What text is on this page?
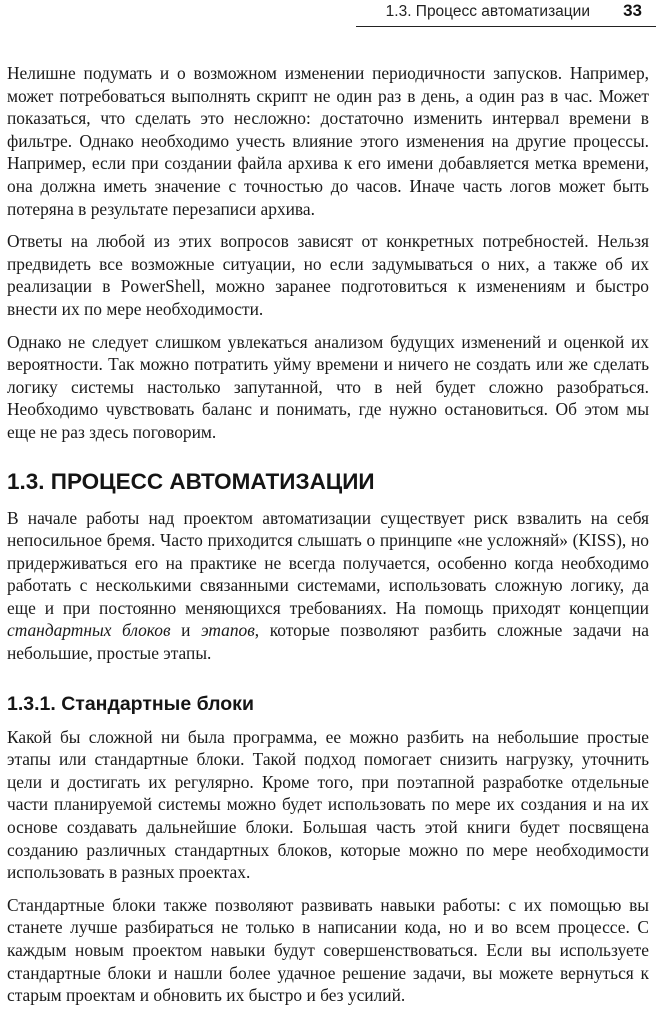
1.3. Процесс автоматизации 33

Нелишне подумать и о возможном изменении периодичности запусков. Например, может потребоваться выполнять скрипт не один раз в день, а один раз в час. Может показаться, что сделать это несложно: достаточно изменить интервал времени в фильтре. Однако необходимо учесть влияние этого изменения на другие процессы. Например, если при создании файла архива к его имени добавляется метка времени, она должна иметь значение с точностью до часов. Иначе часть логов может быть потеряна в результате перезаписи архива.

Ответы на любой из этих вопросов зависят от конкретных потребностей. Нельзя предвидеть все возможные ситуации, но если задумываться о них, а также об их реализации в PowerShell, можно заранее подготовиться к изменениям и быстро внести их по мере необходимости.

Однако не следует слишком увлекаться анализом будущих изменений и оценкой их вероятности. Так можно потратить уйму времени и ничего не создать или же сделать логику системы настолько запутанной, что в ней будет сложно разобраться. Необходимо чувствовать баланс и понимать, где нужно остановиться. Об этом мы еще не раз здесь поговорим.

1.3. ПРОЦЕСС АВТОМАТИЗАЦИИ

В начале работы над проектом автоматизации существует риск взвалить на себя непосильное бремя. Часто приходится слышать о принципе «не усложняй» (KISS), но придерживаться его на практике не всегда получается, особенно когда необходимо работать с несколькими связанными системами, использовать сложную логику, да еще и при постоянно меняющихся требованиях. На помощь приходят концепции стандартных блоков и этапов, которые позволяют разбить сложные задачи на небольшие, простые этапы.

1.3.1. Стандартные блоки

Какой бы сложной ни была программа, ее можно разбить на небольшие простые этапы или стандартные блоки. Такой подход помогает снизить нагрузку, уточнить цели и достигать их регулярно. Кроме того, при поэтапной разработке отдельные части планируемой системы можно будет использовать по мере их создания и на их основе создавать дальнейшие блоки. Большая часть этой книги будет посвящена созданию различных стандартных блоков, которые можно по мере необходимости использовать в разных проектах.

Стандартные блоки также позволяют развивать навыки работы: с их помощью вы станете лучше разбираться не только в написании кода, но и во всем процессе. С каждым новым проектом навыки будут совершенствоваться. Если вы используете стандартные блоки и нашли более удачное решение задачи, вы можете вернуться к старым проектам и обновить их быстро и без усилий.
